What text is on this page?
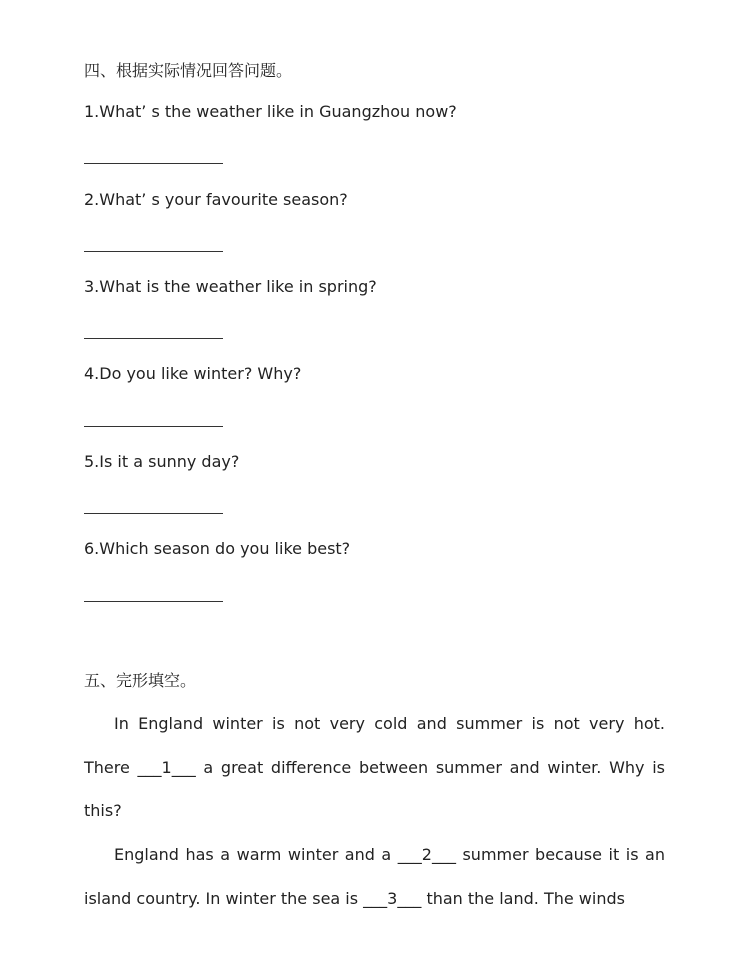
四、根据实际情况回答问题。
1.What’ s the weather like in Guangzhou now?
2.What’ s your favourite season?
3.What is the weather like in spring?
4.Do you like winter? Why?
5.Is it a sunny day?
6.Which season do you like best?
五、完形填空。

In England winter is not very cold and summer is not very hot. There ___1___ a great difference between summer and winter. Why is this?

England has a warm winter and a ___2___ summer because it is an island country. In winter the sea is ___3___ than the land. The winds
